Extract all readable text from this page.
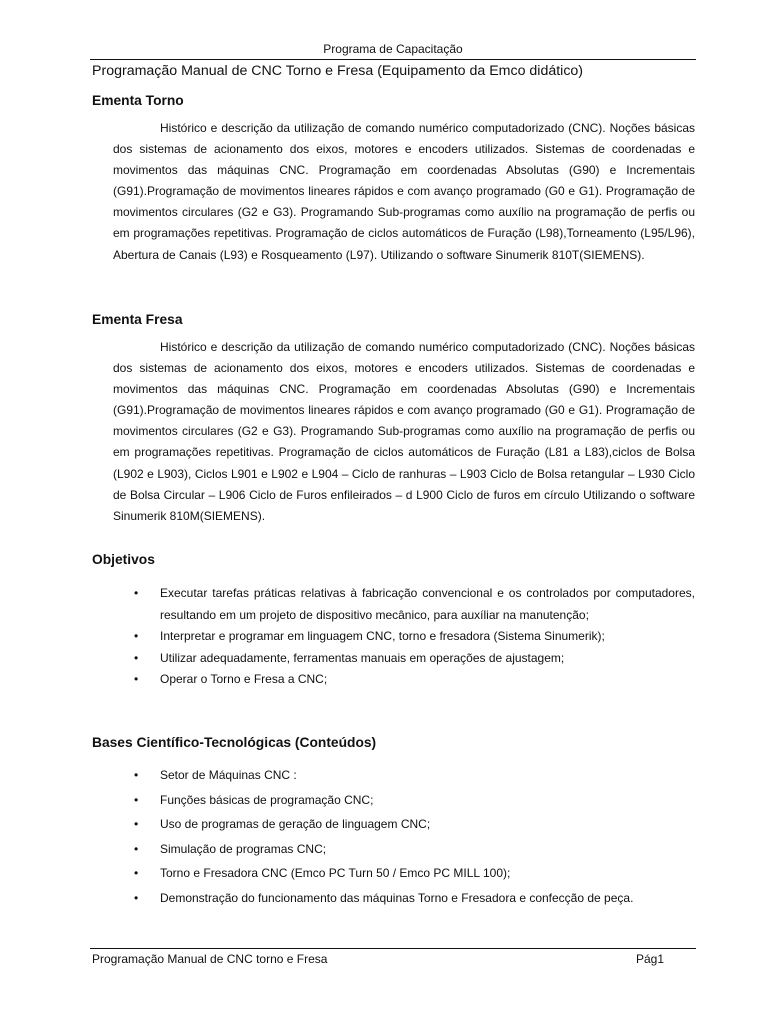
Programa de Capacitação
Programação Manual de CNC Torno e Fresa (Equipamento da Emco didático)
Ementa Torno

Histórico e descrição da utilização de comando numérico computadorizado (CNC). Noções básicas dos sistemas de acionamento dos eixos, motores e encoders utilizados. Sistemas de coordenadas e movimentos das máquinas CNC. Programação em coordenadas Absolutas (G90) e Incrementais (G91).Programação de movimentos lineares rápidos e com avanço programado (G0 e G1). Programação de movimentos circulares (G2 e G3). Programando Sub-programas como auxílio na programação de perfis ou em programações repetitivas. Programação de ciclos automáticos de Furação (L98),Torneamento (L95/L96), Abertura de Canais (L93) e Rosqueamento (L97). Utilizando o software Sinumerik 810T(SIEMENS).

Ementa Fresa

Histórico e descrição da utilização de comando numérico computadorizado (CNC). Noções básicas dos sistemas de acionamento dos eixos, motores e encoders utilizados. Sistemas de coordenadas e movimentos das máquinas CNC. Programação em coordenadas Absolutas (G90) e Incrementais (G91).Programação de movimentos lineares rápidos e com avanço programado (G0 e G1). Programação de movimentos circulares (G2 e G3). Programando Sub-programas como auxílio na programação de perfis ou em programações repetitivas. Programação de ciclos automáticos de Furação (L81 a L83),ciclos de Bolsa (L902 e L903), Ciclos L901 e L902 e L904 – Ciclo de ranhuras – L903 Ciclo de Bolsa retangular – L930 Ciclo de Bolsa Circular – L906 Ciclo de Furos enfileirados – d L900 Ciclo de furos em círculo Utilizando o software Sinumerik 810M(SIEMENS).

Objetivos
• Executar tarefas práticas relativas à fabricação convencional e os controlados por computadores, resultando em um projeto de dispositivo mecânico, para auxíliar na manutenção;
• Interpretar e programar em linguagem CNC, torno e fresadora (Sistema Sinumerik);
• Utilizar adequadamente, ferramentas manuais em operações de ajustagem;
• Operar o Torno e Fresa a CNC;
Bases Científico-Tecnológicas (Conteúdos)
• Setor de Máquinas CNC :
• Funções básicas de programação CNC;
• Uso de programas de geração de linguagem CNC;
• Simulação de programas CNC;
• Torno e Fresadora CNC (Emco PC Turn 50 / Emco PC MILL 100);
• Demonstração do funcionamento das máquinas Torno e Fresadora e confecção de peça.
Programação Manual de CNC torno e Fresa	Pág1
